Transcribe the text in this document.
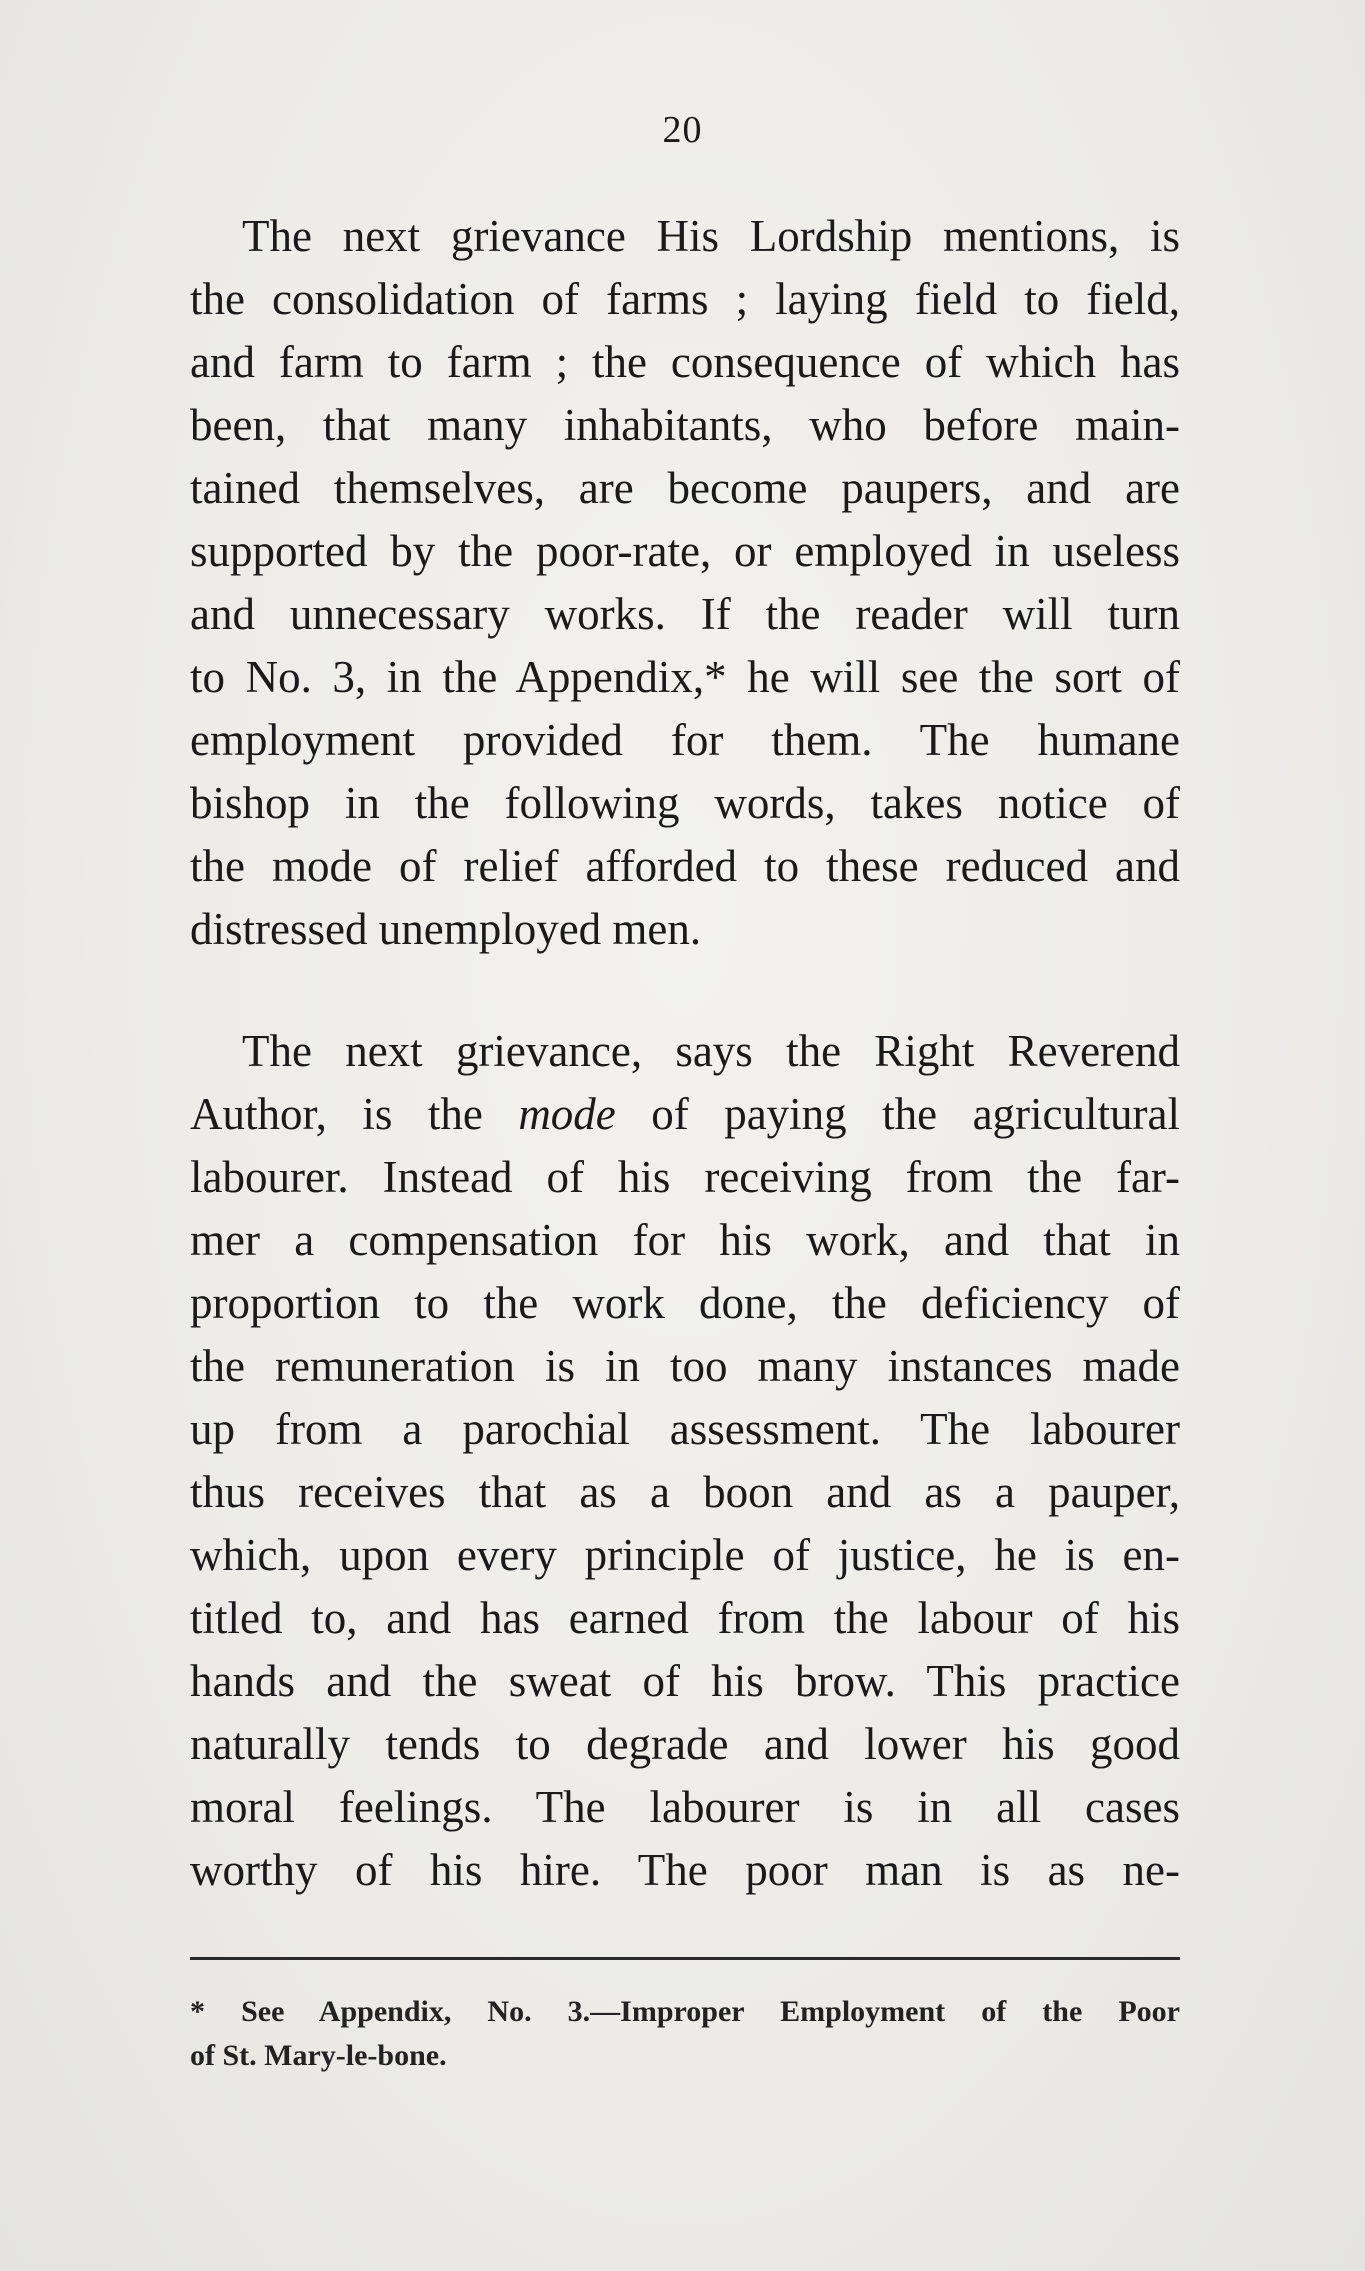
20
The next grievance His Lordship mentions, is
the consolidation of farms ; laying field to field,
and farm to farm ; the consequence of which has
been, that many inhabitants, who before main-
tained themselves, are become paupers, and are
supported by the poor-rate, or employed in useless
and unnecessary works. If the reader will turn
to No. 3, in the Appendix,* he will see the sort of
employment provided for them. The humane
bishop in the following words, takes notice of
the mode of relief afforded to these reduced and
distressed unemployed men.
The next grievance, says the Right Reverend
Author, is the mode of paying the agricultural
labourer. Instead of his receiving from the far-
mer a compensation for his work, and that in
proportion to the work done, the deficiency of
the remuneration is in too many instances made
up from a parochial assessment. The labourer
thus receives that as a boon and as a pauper,
which, upon every principle of justice, he is en-
titled to, and has earned from the labour of his
hands and the sweat of his brow. This practice
naturally tends to degrade and lower his good
moral feelings. The labourer is in all cases
worthy of his hire. The poor man is as ne-
* See Appendix, No. 3.—Improper Employment of the Poor
of St. Mary-le-bone.
